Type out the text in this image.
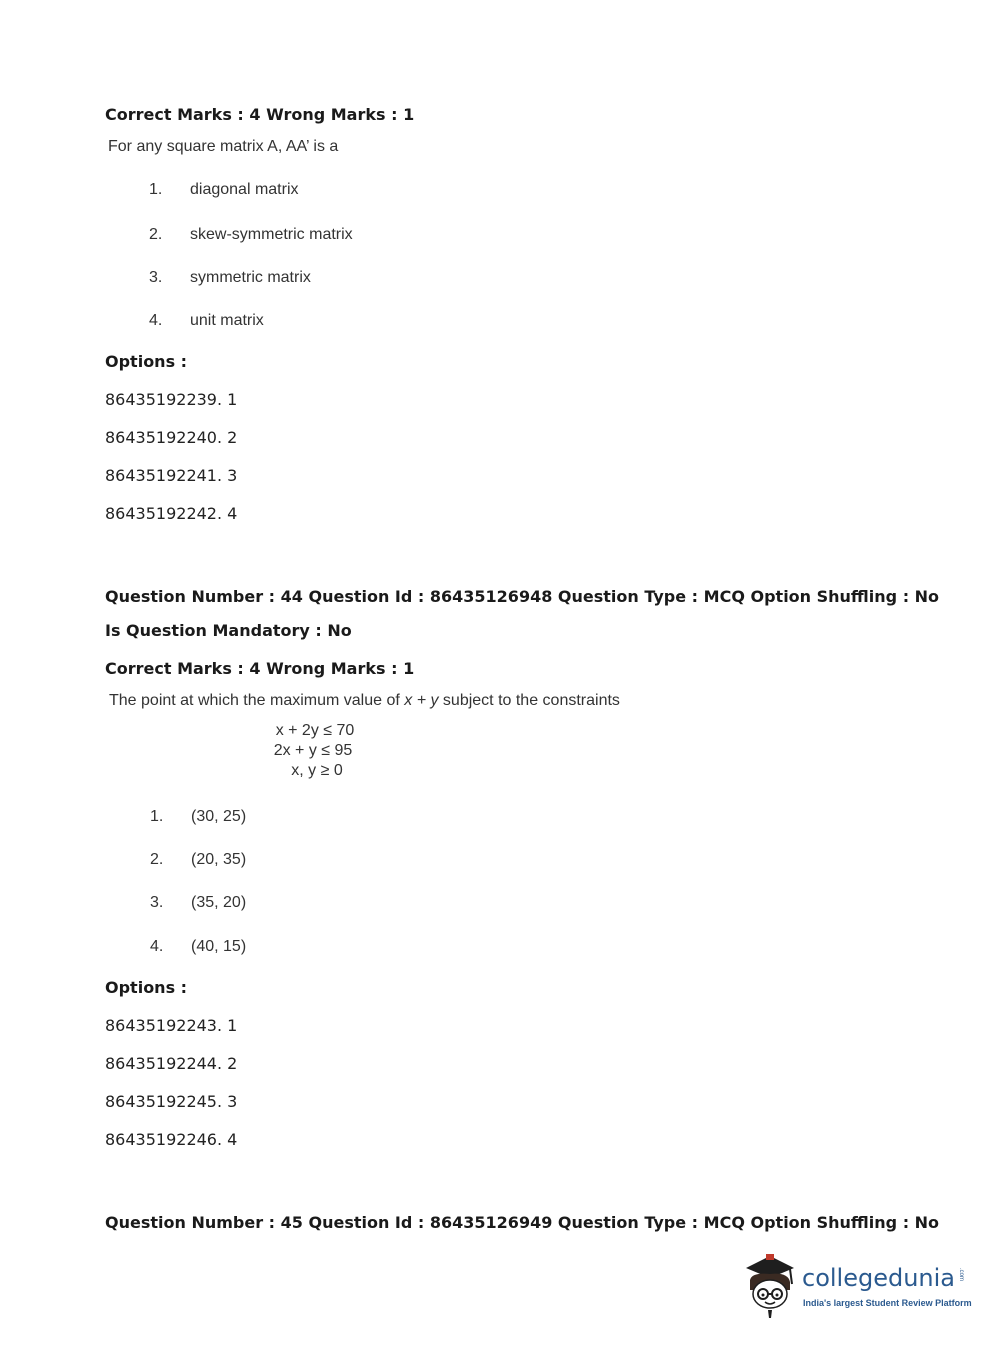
Correct Marks : 4 Wrong Marks : 1
For any square matrix A, AA’ is a
1. diagonal matrix
2. skew-symmetric matrix
3. symmetric matrix
4. unit matrix
Options :
86435192239. 1
86435192240. 2
86435192241. 3
86435192242. 4
Question Number : 44 Question Id : 86435126948 Question Type : MCQ Option Shuffling : No
Is Question Mandatory : No
Correct Marks : 4 Wrong Marks : 1
The point at which the maximum value of x + y subject to the constraints
x + 2y ≤ 70
2x + y ≤ 95
x, y ≥ 0
1. (30, 25)
2. (20, 35)
3. (35, 20)
4. (40, 15)
Options :
86435192243. 1
86435192244. 2
86435192245. 3
86435192246. 4
Question Number : 45 Question Id : 86435126949 Question Type : MCQ Option Shuffling : No
collegedunia .com
India's largest Student Review Platform
